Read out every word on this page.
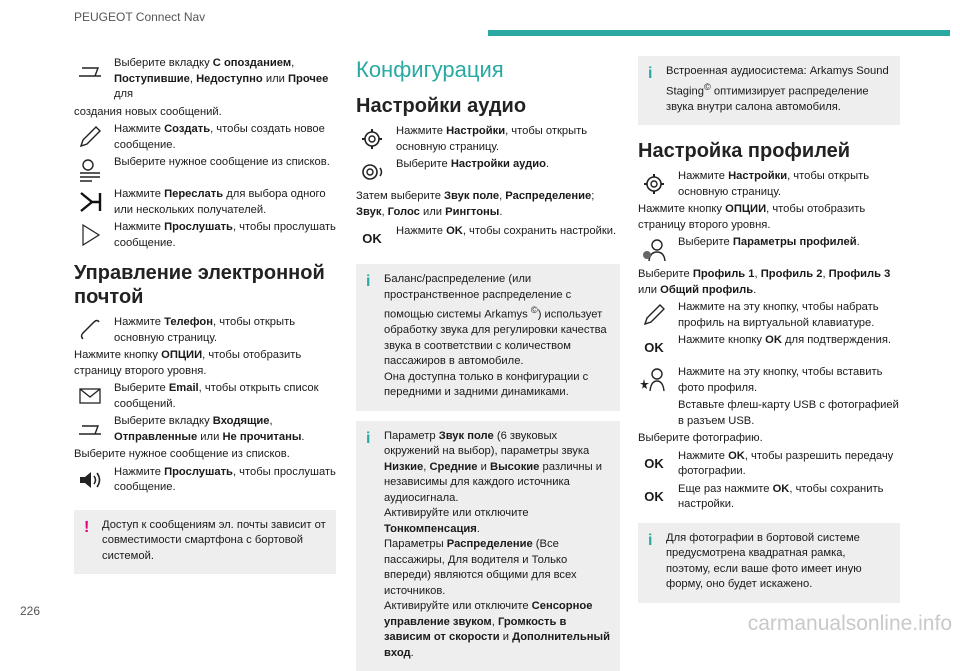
PEUGEOT Connect Nav
Выберите вкладку С опозданием, Поступившие, Недоступно или Прочее для
создания новых сообщений.
Нажмите Создать, чтобы создать новое сообщение.
Выберите нужное сообщение из списков.
Нажмите Переслать для выбора одного или нескольких получателей.
Нажмите Прослушать, чтобы прослушать сообщение.
Управление электронной почтой
Нажмите Телефон, чтобы открыть основную страницу.
Нажмите кнопку ОПЦИИ, чтобы отобразить страницу второго уровня.
Выберите Email, чтобы открыть список сообщений.
Выберите вкладку Входящие, Отправленные или Не прочитаны.
Выберите нужное сообщение из списков.
Нажмите Прослушать, чтобы прослушать сообщение.
! Доступ к сообщениям эл. почты зависит от совместимости смартфона с бортовой системой.
Конфигурация
Настройки аудио
Нажмите Настройки, чтобы открыть основную страницу.
Выберите Настройки аудио.
Затем выберите Звук поле, Распределение; Звук, Голос или Рингтоны.
OK
Нажмите OK, чтобы сохранить настройки.
i	Баланс/распределение (или пространственное распределение с помощью системы Arkamys ©) использует обработку звука для регулировки качества звука в соответствии с количеством пассажиров в автомобиле.
Она доступна только в конфигурации с передними и задними динамиками.
i	Параметр Звук поле (6 звуковых окружений на выбор), параметры звука Низкие, Средние и Высокие различны и независимы для каждого источника аудиосигнала.
Активируйте или отключите Тонкомпенсация.
Параметры Распределение (Все пассажиры, Для водителя и Только впереди) являются общими для всех источников.
Активируйте или отключите Сенсорное управление звуком, Громкость в зависим от скорости и Дополнительный вход.
i	Встроенная аудиосистема: Arkamys Sound Staging© оптимизирует распределение звука внутри салона автомобиля.
Настройка профилей
Нажмите Настройки, чтобы открыть основную страницу.
Нажмите кнопку ОПЦИИ, чтобы отобразить страницу второго уровня.
Выберите Параметры профилей.
Выберите Профиль 1, Профиль 2, Профиль 3 или Общий профиль.
Нажмите на эту кнопку, чтобы набрать профиль на виртуальной клавиатуре.
OK
Нажмите кнопку OK для подтверждения.
Нажмите на эту кнопку, чтобы вставить фото профиля.
Вставьте флеш-карту USB с фотографией в разъем USB.
Выберите фотографию.
OK
Нажмите OK, чтобы разрешить передачу фотографии.
OK
Еще раз нажмите OK, чтобы сохранить настройки.
i	Для фотографии в бортовой системе предусмотрена квадратная рамка, поэтому, если ваше фото имеет иную форму, оно будет искажено.
226
carmanualsonline.info
